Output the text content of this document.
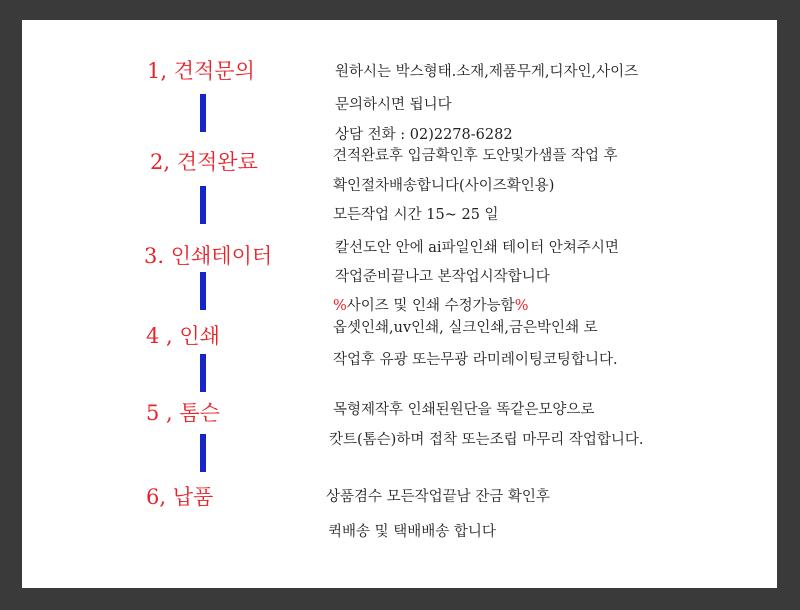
1, 견적문의	원하시는 박스형태.소재,제품무게,디자인,사이즈

문의하시면 됩니다

상담 전화 : 02)2278-6282

2, 견적완료	견적완료후 입금확인후 도안및가샘플 작업 후

확인절차배송합니다(사이즈확인용)

모든작업 시간 15~ 25 일

3. 인쇄테이터	칼선도안 안에 ai파일인쇄 테이터 안쳐주시면

작업준비끝나고 본작업시작합니다

%사이즈 및 인쇄 수정가능함%

4 , 인쇄	옵셋인쇄,uv인쇄, 실크인쇄,금은박인쇄 로

작업후 유광 또는무광 라미레이팅코팅합니다.

5 , 톰슨	목형제작후 인쇄된원단을 똑같은모양으로

캇트(톰슨)하며 접착 또는조립 마무리 작업합니다.

6, 납품	상품겸수 모든작업끝남 잔금 확인후

퀵배송 및 택배배송 합니다
